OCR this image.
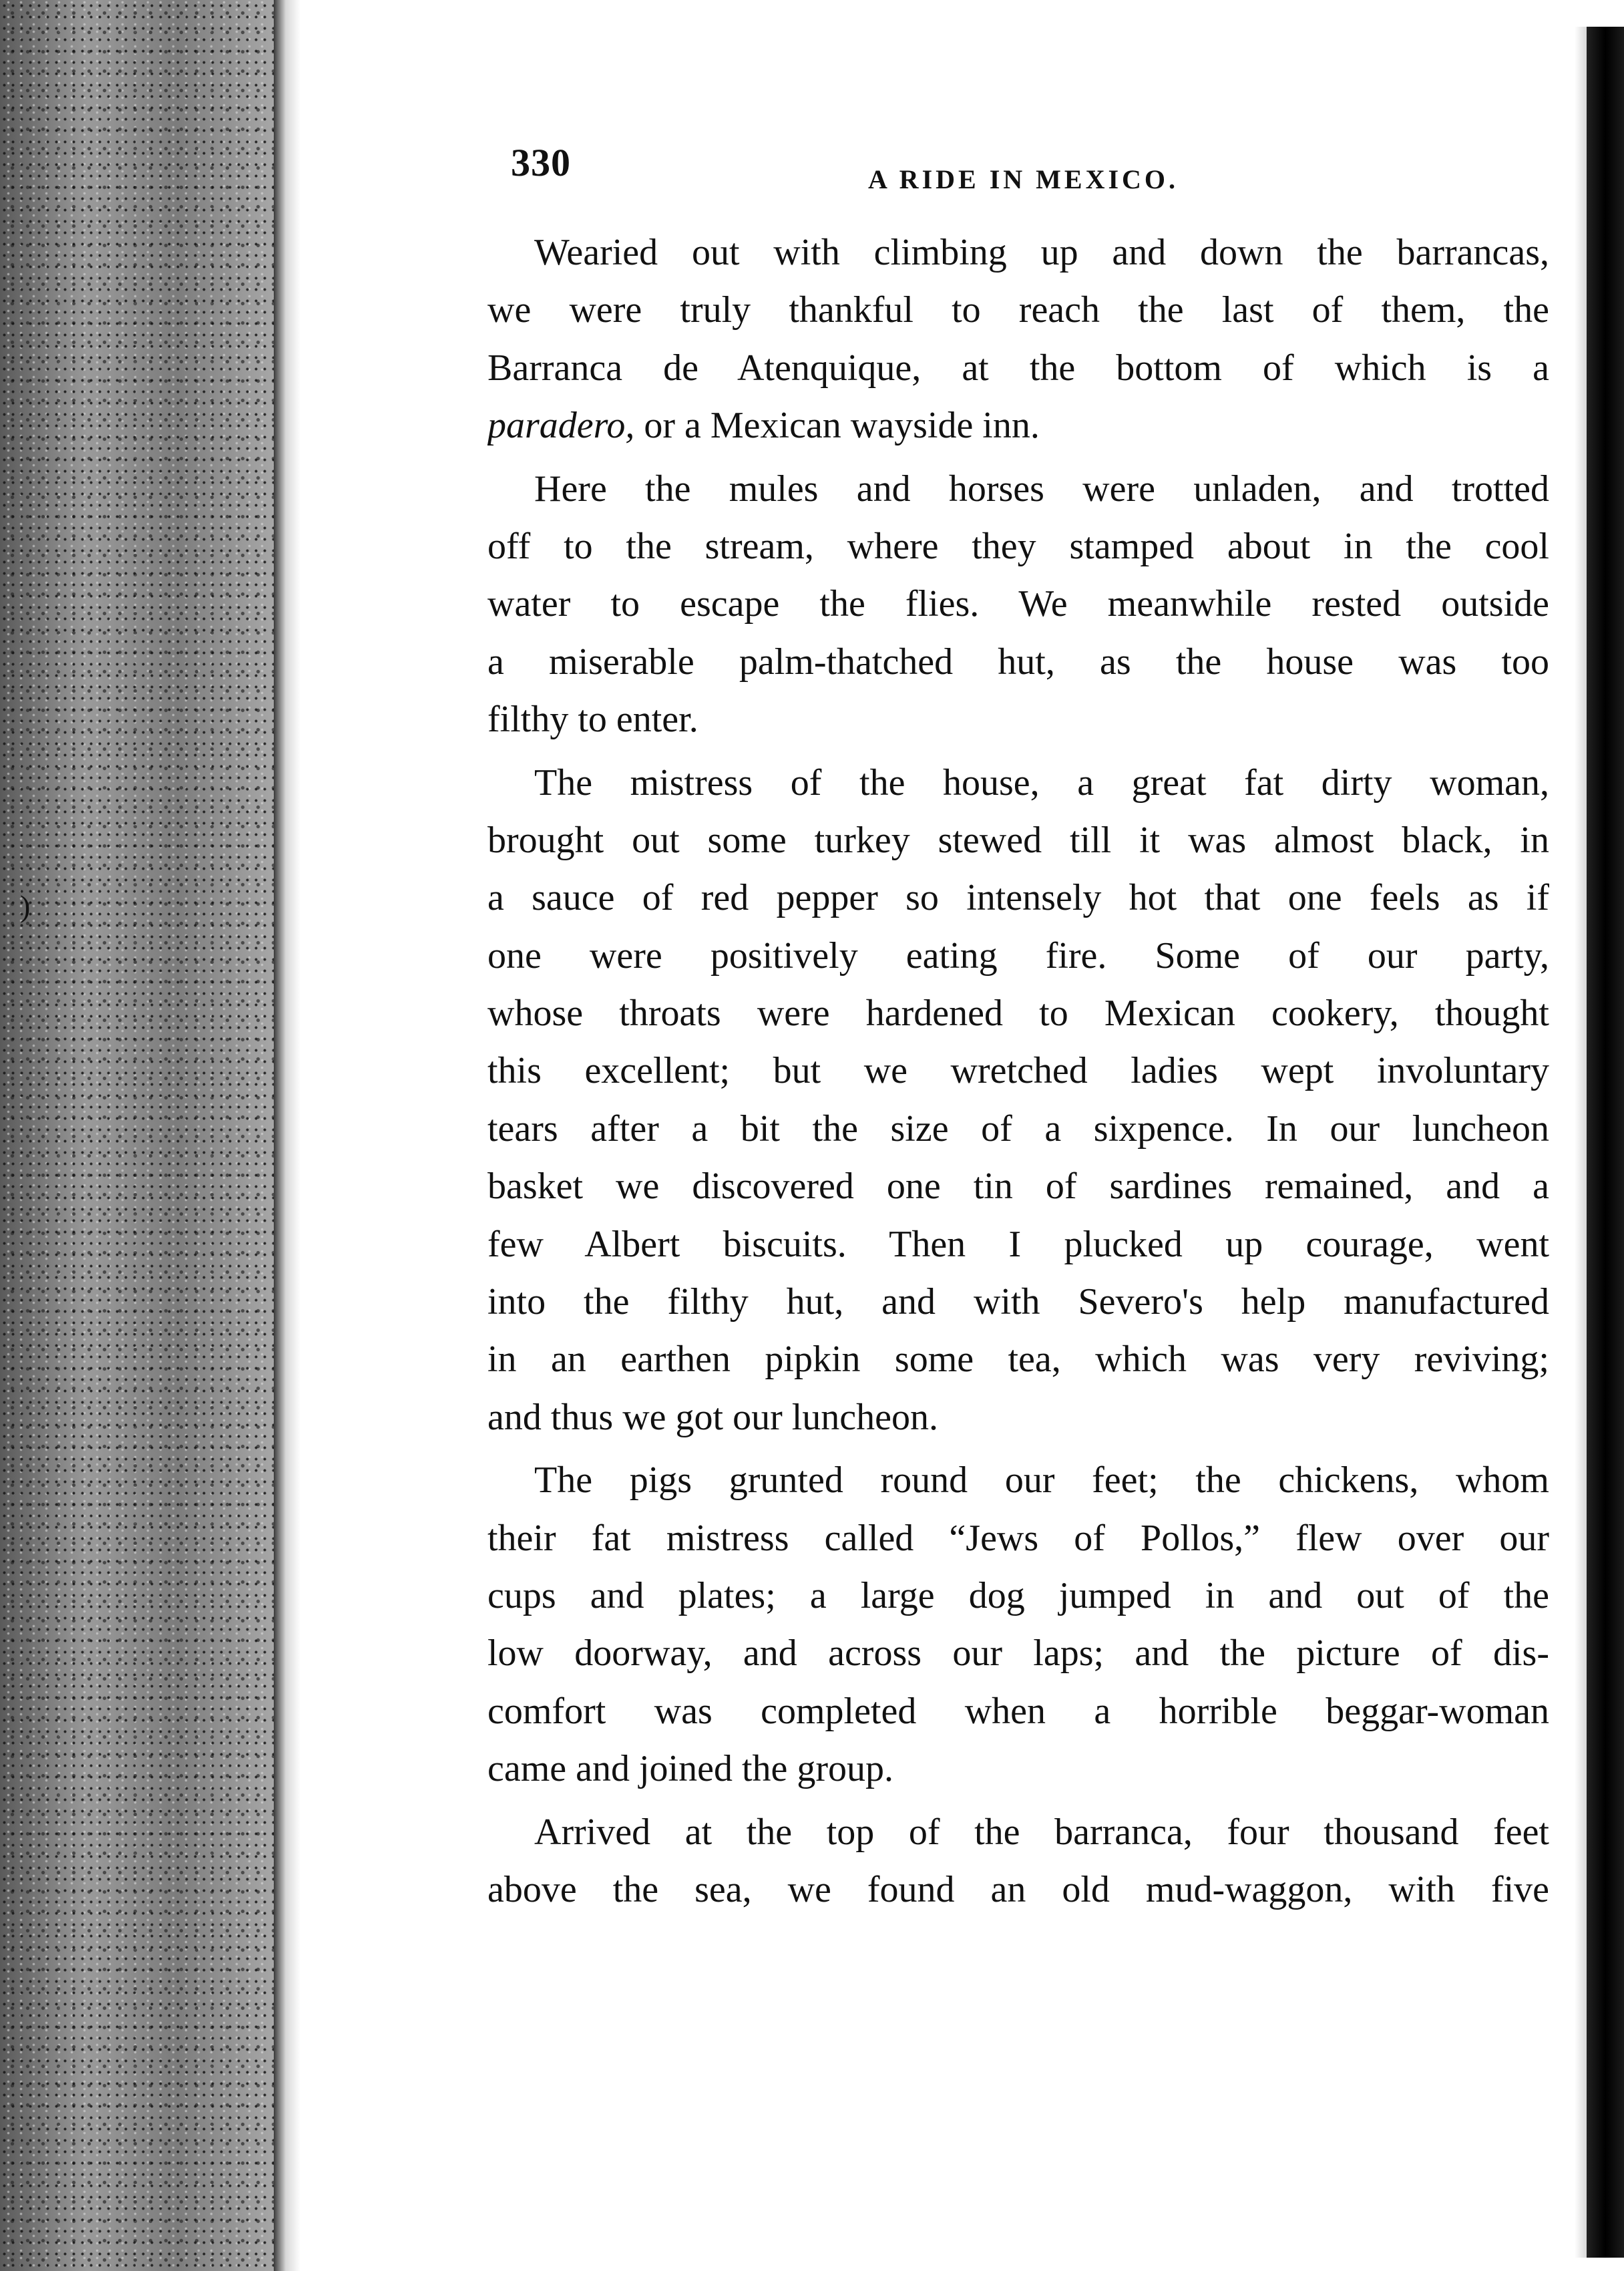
)
330	A RIDE IN MEXICO.
Wearied out with climbing up and down the barrancas,
we were truly thankful to reach the last of them, the
Barranca de Atenquique, at the bottom of which is a
paradero, or a Mexican wayside inn.
Here the mules and horses were unladen, and trotted
off to the stream, where they stamped about in the cool
water to escape the flies. We meanwhile rested outside
a miserable palm-thatched hut, as the house was too
filthy to enter.
The mistress of the house, a great fat dirty woman,
brought out some turkey stewed till it was almost black, in
a sauce of red pepper so intensely hot that one feels as if
one were positively eating fire. Some of our party,
whose throats were hardened to Mexican cookery, thought
this excellent; but we wretched ladies wept involuntary
tears after a bit the size of a sixpence. In our luncheon
basket we discovered one tin of sardines remained, and a
few Albert biscuits. Then I plucked up courage, went
into the filthy hut, and with Severo's help manufactured
in an earthen pipkin some tea, which was very reviving;
and thus we got our luncheon.
The pigs grunted round our feet; the chickens, whom
their fat mistress called “Jews of Pollos,” flew over our
cups and plates; a large dog jumped in and out of the
low doorway, and across our laps; and the picture of dis-
comfort was completed when a horrible beggar-woman
came and joined the group.
Arrived at the top of the barranca, four thousand feet
above the sea, we found an old mud-waggon, with five
